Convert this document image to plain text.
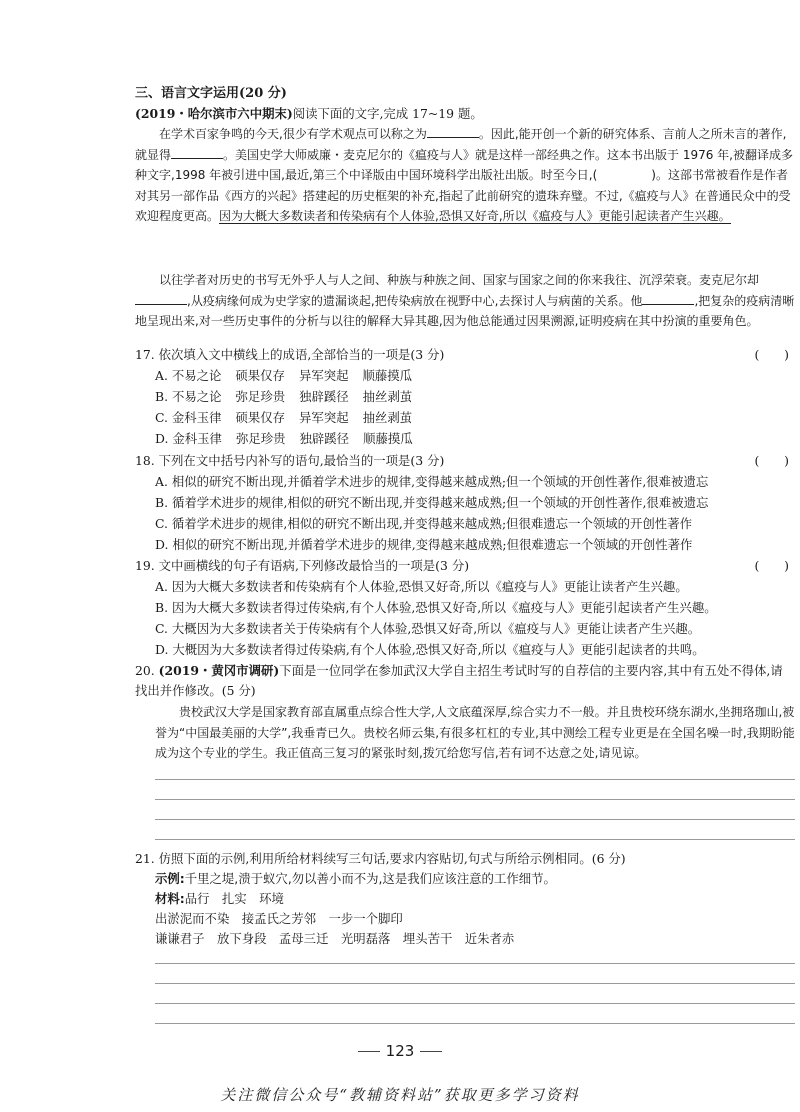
三、语言文字运用(20 分)
(2019・哈尔滨市六中期末)阅读下面的文字,完成 17~19 题。
在学术百家争鸣的今天,很少有学术观点可以称之为	。因此,能开创一个新的研究体系、言前人之所未言的著作,就显得	。美国史学大师威廉・麦克尼尔的《瘟疫与人》就是这样一部经典之作。这本书出版于 1976 年,被翻译成多种文字,1998 年被引进中国,最近,第三个中译版由中国环境科学出版社出版。时至今日,(	)。这部书常被看作是作者对其另一部作品《西方的兴起》搭建起的历史框架的补充,指起了此前研究的遗珠弃璧。不过,《瘟疫与人》在普通民众中的受欢迎程度更高。因为大概大多数读者和传染病有个人体验,恐惧又好奇,所以《瘟疫与人》更能引起读者产生兴趣。
以往学者对历史的书写无外乎人与人之间、种族与种族之间、国家与国家之间的你来我往、沉浮荣衰。麦克尼尔却,从疫病缘何成为史学家的遗漏谈起,把传染病放在视野中心,去探讨人与病菌的关系。他	,把复杂的疫病清晰地呈现出来,对一些历史事件的分析与以往的解释大异其趣,因为他总能通过因果溯源,证明疫病在其中扮演的重要角色。
17. 依次填入文中横线上的成语,全部恰当的一项是(3 分)	(　　)
A. 不易之论 硕果仅存 异军突起 顺藤摸瓜
B. 不易之论 弥足珍贵 独辟蹊径 抽丝剥茧
C. 金科玉律 硕果仅存 异军突起 抽丝剥茧
D. 金科玉律 弥足珍贵 独辟蹊径 顺藤摸瓜
18. 下列在文中括号内补写的语句,最恰当的一项是(3 分)	(　　)
A. 相似的研究不断出现,并循着学术进步的规律,变得越来越成熟;但一个领域的开创性著作,很难被遗忘
B. 循着学术进步的规律,相似的研究不断出现,并变得越来越成熟;但一个领域的开创性著作,很难被遗忘
C. 循着学术进步的规律,相似的研究不断出现,并变得越来越成熟;但很难遗忘一个领域的开创性著作
D. 相似的研究不断出现,并循着学术进步的规律,变得越来越成熟;但很难遗忘一个领域的开创性著作
19. 文中画横线的句子有语病,下列修改最恰当的一项是(3 分)	(　　)
A. 因为大概大多数读者和传染病有个人体验,恐惧又好奇,所以《瘟疫与人》更能让读者产生兴趣。
B. 因为大概大多数读者得过传染病,有个人体验,恐惧又好奇,所以《瘟疫与人》更能引起读者产生兴趣。
C. 大概因为大多数读者关于传染病有个人体验,恐惧又好奇,所以《瘟疫与人》更能让读者产生兴趣。
D. 大概因为大多数读者得过传染病,有个人体验,恐惧又好奇,所以《瘟疫与人》更能引起读者的共鸣。
20. (2019・黄冈市调研)下面是一位同学在参加武汉大学自主招生考试时写的自荐信的主要内容,其中有五处不得体,请找出并作修改。(5 分)
贵校武汉大学是国家教育部直属重点综合性大学,人文底蕴深厚,综合实力不一般。并且贵校环绕东湖水,坐拥珞珈山,被誉为“中国最美丽的大学”,我垂青已久。贵校名师云集,有很多杠杠的专业,其中测绘工程专业更是在全国名噪一时,我期盼能成为这个专业的学生。我正值高三复习的紧张时刻,拨冗给您写信,若有词不达意之处,请见谅。
21. 仿照下面的示例,利用所给材料续写三句话,要求内容贴切,句式与所给示例相同。(6 分)
示例:千里之堤,溃于蚁穴,勿以善小而不为,这是我们应该注意的工作细节。
材料:品行　扎实　环境
出淤泥而不染　接孟氏之芳邻　一步一个脚印
谦谦君子　放下身段　孟母三迁　光明磊落　埋头苦干　近朱者赤
123
关注微信公众号“教辅资料站”获取更多学习资料
